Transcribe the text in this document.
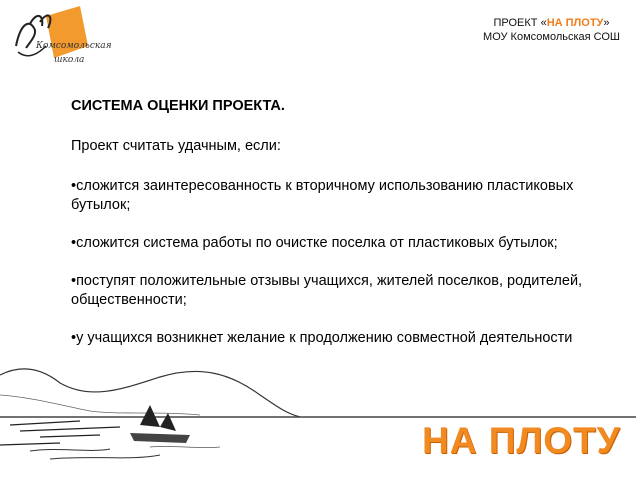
Комсомольская
школа
ПРОЕКТ «НА ПЛОТУ»
МОУ Комсомольская СОШ

СИСТЕМА ОЦЕНКИ ПРОЕКТА.

Проект считать удачным, если:

•сложится заинтересованность к вторичному использованию пластиковых бутылок;

•сложится система работы по очистке поселка от пластиковых бутылок;

•поступят положительные отзывы учащихся, жителей поселков, родителей, общественности;

•у учащихся возникнет желание к продолжению совместной деятельности

НА ПЛОТУ
